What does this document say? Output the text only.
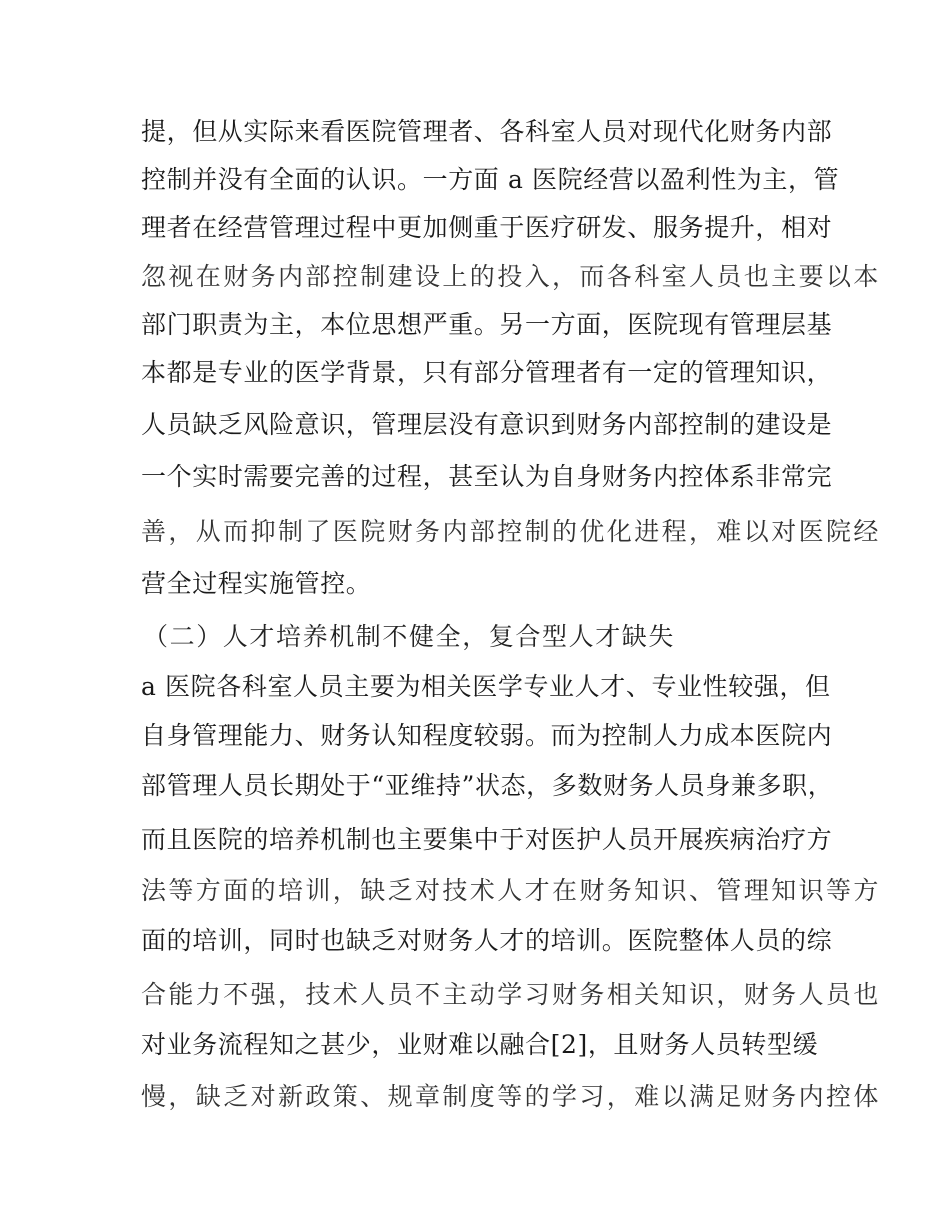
提，但从实际来看医院管理者、各科室人员对现代化财务内部
控制并没有全面的认识。一方面 a 医院经营以盈利性为主，管
理者在经营管理过程中更加侧重于医疗研发、服务提升，相对
忽视在财务内部控制建设上的投入，而各科室人员也主要以本
部门职责为主，本位思想严重。另一方面，医院现有管理层基
本都是专业的医学背景，只有部分管理者有一定的管理知识，
人员缺乏风险意识，管理层没有意识到财务内部控制的建设是
一个实时需要完善的过程，甚至认为自身财务内控体系非常完
善，从而抑制了医院财务内部控制的优化进程，难以对医院经
营全过程实施管控。
（二）人才培养机制不健全，复合型人才缺失
a 医院各科室人员主要为相关医学专业人才、专业性较强，但
自身管理能力、财务认知程度较弱。而为控制人力成本医院内
部管理人员长期处于“亚维持”状态，多数财务人员身兼多职，
而且医院的培养机制也主要集中于对医护人员开展疾病治疗方
法等方面的培训，缺乏对技术人才在财务知识、管理知识等方
面的培训，同时也缺乏对财务人才的培训。医院整体人员的综
合能力不强，技术人员不主动学习财务相关知识，财务人员也
对业务流程知之甚少，业财难以融合[2]，且财务人员转型缓
慢，缺乏对新政策、规章制度等的学习，难以满足财务内控体
